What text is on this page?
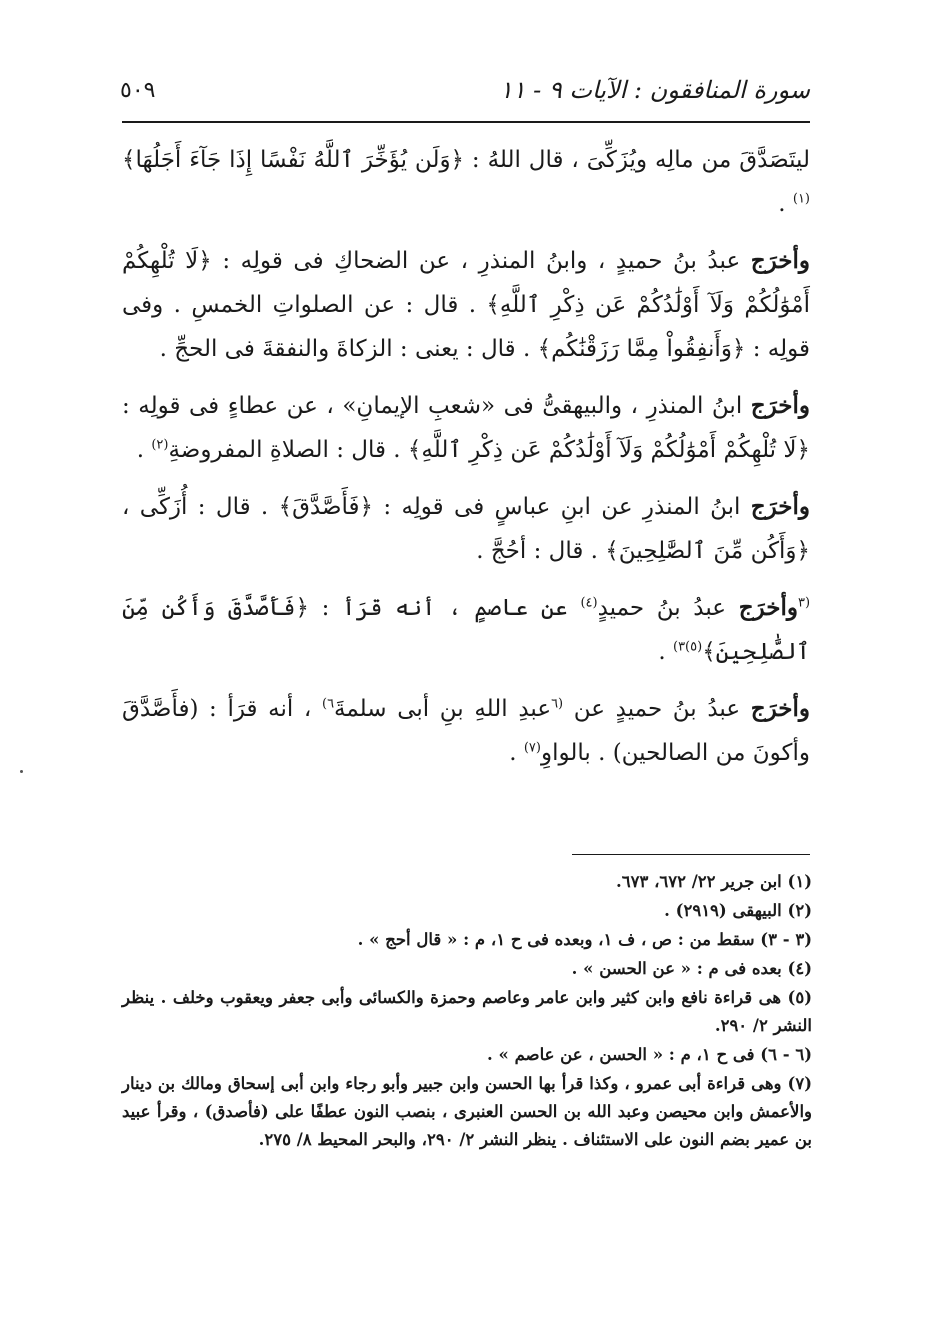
٥٠٩	سورة المنافقون : الآيات ٩ - ١١

ليتَصَدَّقَ من مالِه ويُزَكِّىَ ، قال اللهُ : ﴿وَلَن يُؤَخِّرَ ٱللَّهُ نَفْسًا إِذَا جَآءَ أَجَلُهَا﴾$^{(١)}$ .

وأخرَج عبدُ بنُ حميدٍ ، وابنُ المنذرِ ، عن الضحاكِ فى قولِه : ﴿لَا تُلْهِكُمْ أَمْوَٰلُكُمْ وَلَآ أَوْلَٰدُكُمْ عَن ذِكْرِ ٱللَّهِ﴾ . قال : عن الصلواتِ الخمسِ . وفى قولِه : ﴿وَأَنفِقُواْ مِمَّا رَزَقْنَٰكُم﴾ . قال : يعنى : الزكاةَ والنفقةَ فى الحجِّ .

وأخرَج ابنُ المنذرِ ، والبيهقىُّ فى «شعبِ الإيمانِ» ، عن عطاءٍ فى قولِه : ﴿لَا تُلْهِكُمْ أَمْوَٰلُكُمْ وَلَآ أَوْلَٰدُكُمْ عَن ذِكْرِ ٱللَّهِ﴾ . قال : الصلاةِ المفروضةِ$^{(٢)}$ .

وأخرَج ابنُ المنذرِ عن ابنِ عباسٍ فى قولِه : ﴿فَأَصَّدَّقَ﴾ . قال : أُزَكِّى ، ﴿وَأَكُن مِّنَ ٱلصَّٰلِحِينَ﴾ . قال : أحُجَّ .

$^{(٣}$وأخرَج عبدُ بنُ حميدٍ$^{(٤)}$ عن عاصمٍ ، أنه قرَأ : ﴿فَأَصَّدَّقَ وَأَكُن مِّنَ ٱلصَّٰلِحِينَ﴾$^{(٥)٣)}$ .

وأخرَج عبدُ بنُ حميدٍ عن $^{(٦}$عبدِ اللهِ بنِ أبى سلمةَ$^{٦)}$ ، أنه قرَأ : (فأَصَّدَّقَ وأكونَ من الصالحين) . بالواوِ$^{(٧)}$ .

(١) ابن جرير ٢٢/ ٦٧٢، ٦٧٣.

(٢) البيهقى (٢٩١٩) .

(٣ - ٣) سقط من : ص ، ف ١، وبعده فى ح ١، م : « قال أحج » .

(٤) بعده فى م : « عن الحسن » .

(٥) هى قراءة نافع وابن كثير وابن عامر وعاصم وحمزة والكسائى وأبى جعفر ويعقوب وخلف . ينظر النشر ٢/ ٢٩٠.

(٦ - ٦) فى ح ١، م : « الحسن ، عن عاصم » .

(٧) وهى قراءة أبى عمرو ، وكذا قرأ بها الحسن وابن جبير وأبو رجاء وابن أبى إسحاق ومالك بن دينار والأعمش وابن محيصن وعبد الله بن الحسن العنبرى ، بنصب النون عطفًا على (فأصدق) ، وقرأ عبيد بن عمير بضم النون على الاستئناف . ينظر النشر ٢/ ٢٩٠، والبحر المحيط ٨/ ٢٧٥.
